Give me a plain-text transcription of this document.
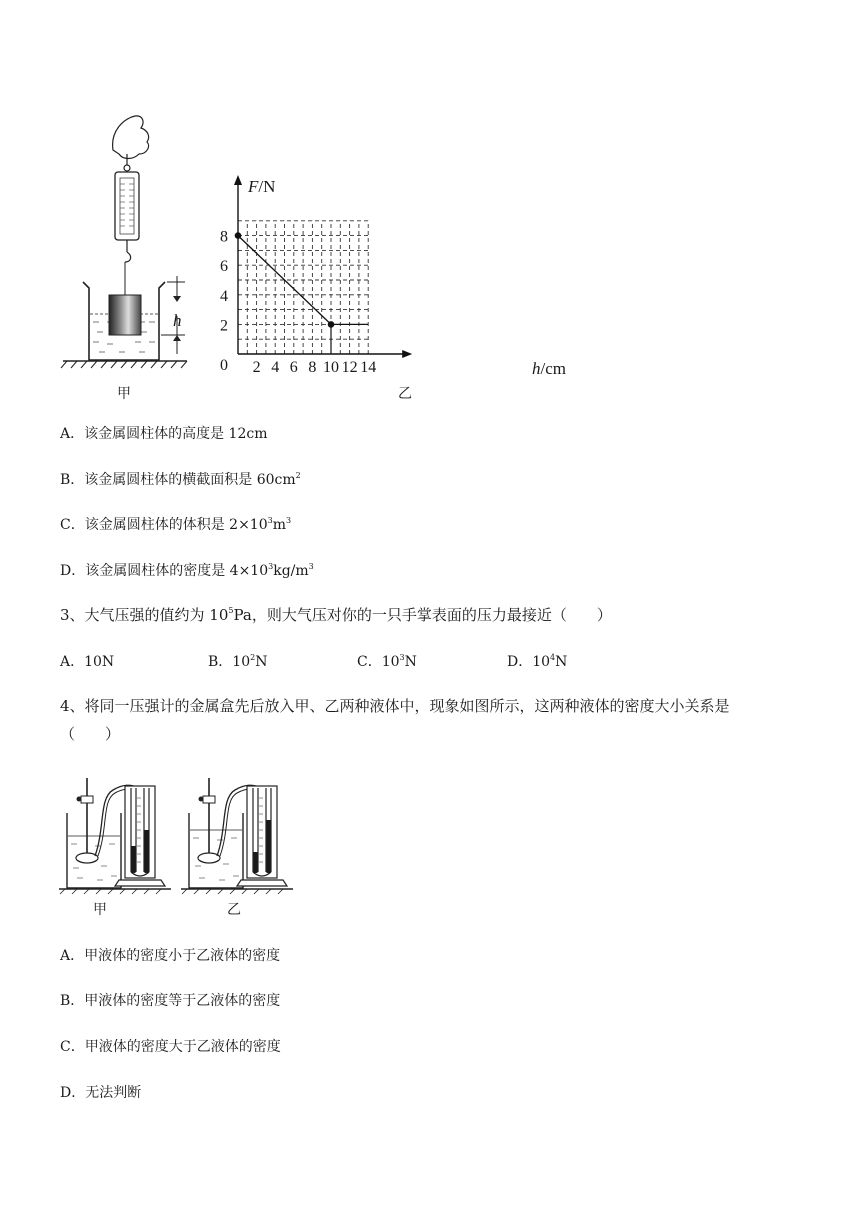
h
甲
2 4 6 8 10 12 14
2
4
6
8
0
F/N
h/cm
乙
A．该金属圆柱体的高度是 12cm
B．该金属圆柱体的横截面积是 $60cm^2$
C．该金属圆柱体的体积是 $2\times 10^3m^3$
D．该金属圆柱体的密度是 $4\times 10^3kg/m^3$
3、大气压强的值约为 $10^5Pa$，则大气压对你的一只手掌表面的压力最接近（　　）
A．10N	B．$10^2N$	C．$10^3N$	D．$10^4N$
4、将同一压强计的金属盒先后放入甲、乙两种液体中，现象如图所示，这两种液体的密度大小关系是
（　　）
甲	乙
A．甲液体的密度小于乙液体的密度
B．甲液体的密度等于乙液体的密度
C．甲液体的密度大于乙液体的密度
D．无法判断
